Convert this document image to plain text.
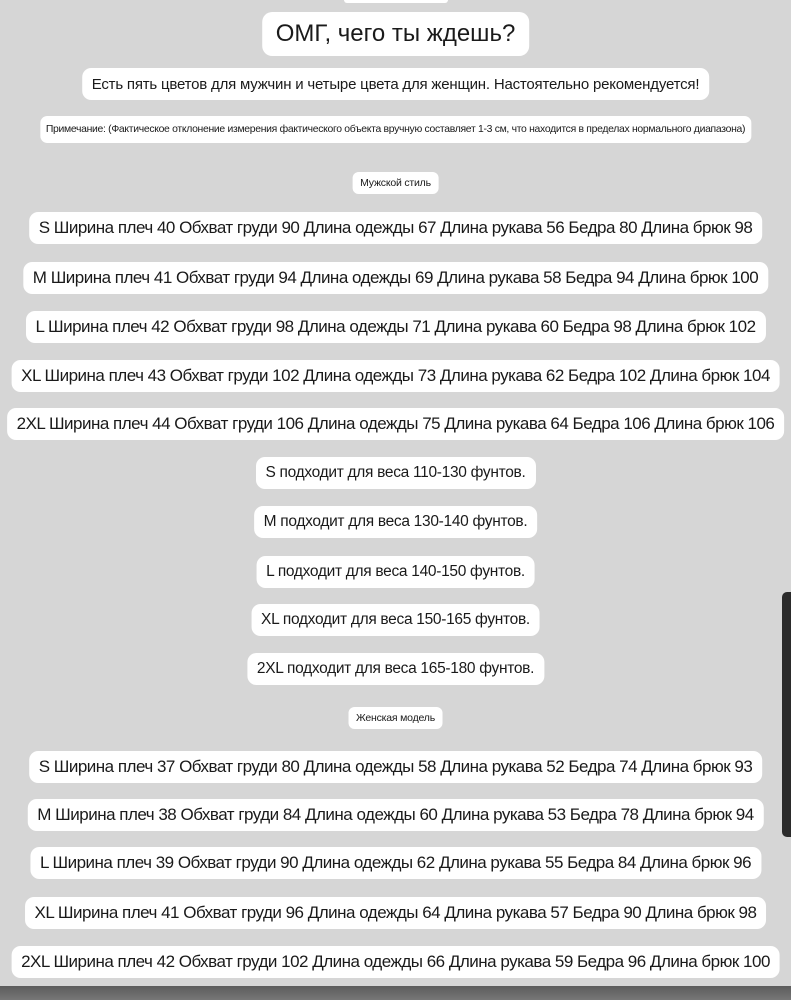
ОМГ, чего ты ждешь?
Есть пять цветов для мужчин и четыре цвета для женщин. Настоятельно рекомендуется!
Примечание: (Фактическое отклонение измерения фактического объекта вручную составляет 1-3 см, что находится в пределах нормального диапазона)
Мужской стиль
S Ширина плеч 40 Обхват груди 90 Длина одежды 67 Длина рукава 56 Бедра 80 Длина брюк 98
M Ширина плеч 41 Обхват груди 94 Длина одежды 69 Длина рукава 58 Бедра 94 Длина брюк 100
L Ширина плеч 42 Обхват груди 98 Длина одежды 71 Длина рукава 60 Бедра 98 Длина брюк 102
XL Ширина плеч 43 Обхват груди 102 Длина одежды 73 Длина рукава 62 Бедра 102 Длина брюк 104
2XL Ширина плеч 44 Обхват груди 106 Длина одежды 75 Длина рукава 64 Бедра 106 Длина брюк 106
S подходит для веса 110-130 фунтов.
M подходит для веса 130-140 фунтов.
L подходит для веса 140-150 фунтов.
XL подходит для веса 150-165 фунтов.
2XL подходит для веса 165-180 фунтов.
Женская модель
S Ширина плеч 37 Обхват груди 80 Длина одежды 58 Длина рукава 52 Бедра 74 Длина брюк 93
M Ширина плеч 38 Обхват груди 84 Длина одежды 60 Длина рукава 53 Бедра 78 Длина брюк 94
L Ширина плеч 39 Обхват груди 90 Длина одежды 62 Длина рукава 55 Бедра 84 Длина брюк 96
XL Ширина плеч 41 Обхват груди 96 Длина одежды 64 Длина рукава 57 Бедра 90 Длина брюк 98
2XL Ширина плеч 42 Обхват груди 102 Длина одежды 66 Длина рукава 59 Бедра 96 Длина брюк 100
